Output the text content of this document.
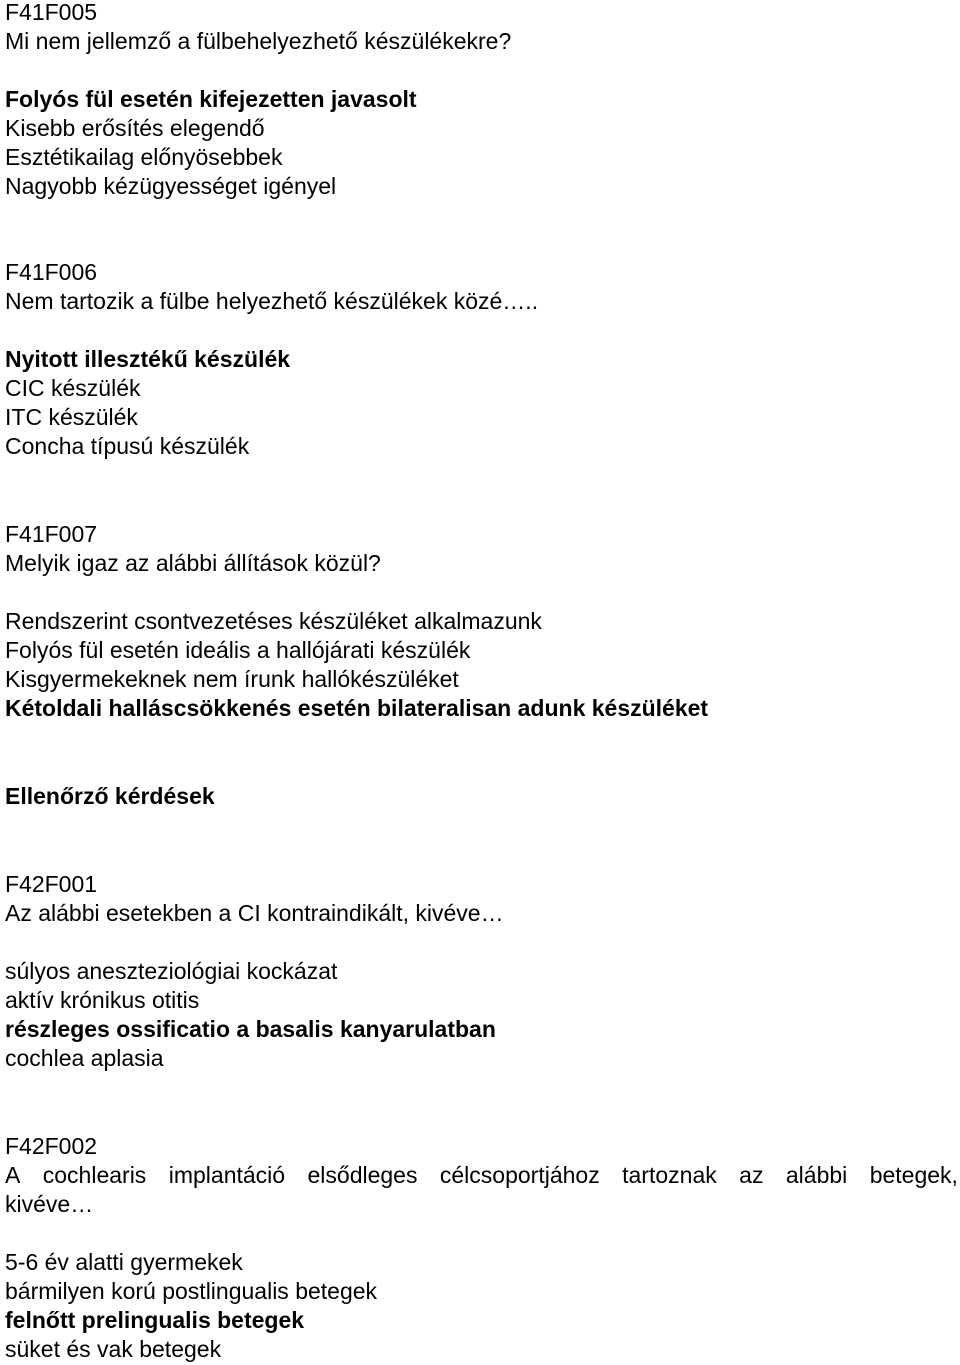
F41F005
Mi nem jellemző a fülbehelyezhető készülékekre?
Folyós fül esetén kifejezetten javasolt
Kisebb erősítés elegendő
Esztétikailag előnyösebbek
Nagyobb kézügyességet igényel
F41F006
Nem tartozik a fülbe helyezhető készülékek közé…..
Nyitott illesztékű készülék
CIC készülék
ITC készülék
Concha típusú készülék
F41F007
Melyik igaz az alábbi állítások közül?
Rendszerint csontvezetéses készüléket alkalmazunk
Folyós fül esetén ideális a hallójárati készülék
Kisgyermekeknek nem írunk hallókészüléket
Kétoldali halláscsökkenés esetén bilateralisan adunk készüléket
Ellenőrző kérdések
F42F001
Az alábbi esetekben a CI kontraindikált, kivéve…
súlyos aneszteziológiai kockázat
aktív krónikus otitis
részleges ossificatio a basalis kanyarulatban
cochlea aplasia
F42F002
A cochlearis implantáció elsődleges célcsoportjához tartoznak az alábbi betegek,
kivéve…
5-6 év alatti gyermekek
bármilyen korú postlingualis betegek
felnőtt prelingualis betegek
süket és vak betegek
